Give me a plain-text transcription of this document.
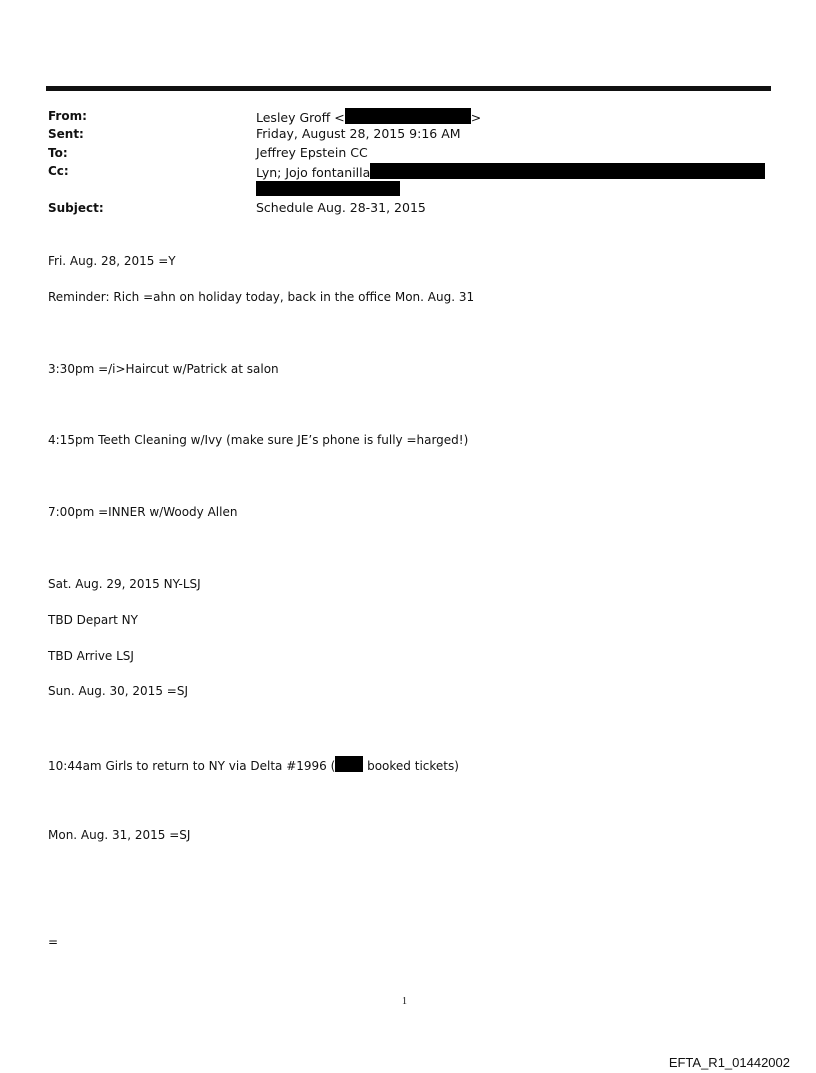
From:	Lesley Groff <	>
Sent:	Friday, August 28, 2015 9:16 AM
To:	Jeffrey Epstein CC
Cc:	Lyn; Jojo fontanilla
Subject:	Schedule Aug. 28-31, 2015
Fri. Aug. 28, 2015 =Y
Reminder: Rich =ahn on holiday today, back in the office Mon. Aug. 31
3:30pm =/i>Haircut w/Patrick at salon
4:15pm Teeth Cleaning w/Ivy (make sure JE’s phone is fully =harged!)
7:00pm =INNER w/Woody Allen
Sat. Aug. 29, 2015 NY-LSJ
TBD Depart NY
TBD Arrive LSJ
Sun. Aug. 30, 2015 =SJ
10:44am Girls to return to NY via Delta #1996 ( booked tickets)
Mon. Aug. 31, 2015 =SJ
=
1
EFTA_R1_01442002
